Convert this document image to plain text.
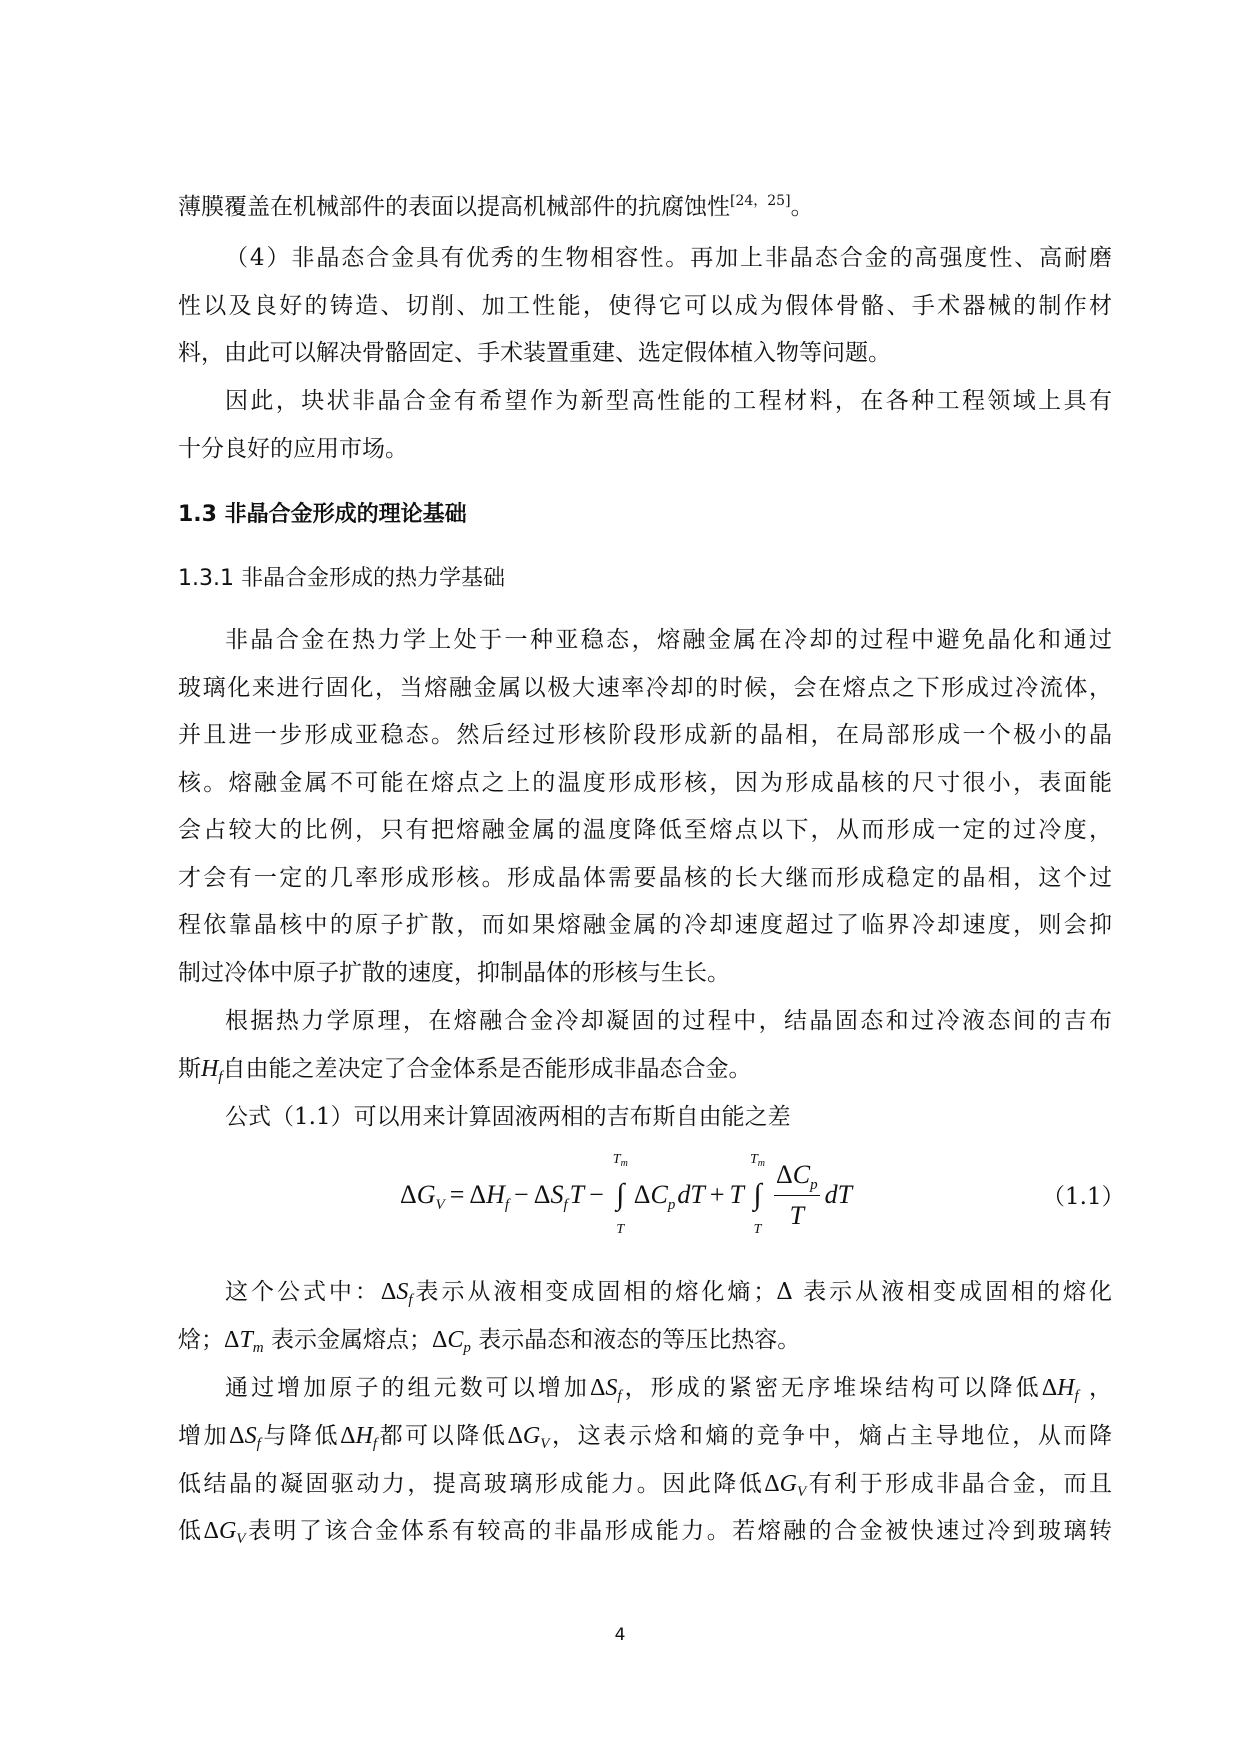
薄膜覆盖在机械部件的表面以提高机械部件的抗腐蚀性[24，25]。
（4）非晶态合金具有优秀的生物相容性。再加上非晶态合金的高强度性、高耐磨
性以及良好的铸造、切削、加工性能，使得它可以成为假体骨骼、手术器械的制作材
料，由此可以解决骨骼固定、手术装置重建、选定假体植入物等问题。
因此，块状非晶合金有希望作为新型高性能的工程材料，在各种工程领域上具有
十分良好的应用市场。
1.3 非晶合金形成的理论基础
1.3.1 非晶合金形成的热力学基础
非晶合金在热力学上处于一种亚稳态，熔融金属在冷却的过程中避免晶化和通过
玻璃化来进行固化，当熔融金属以极大速率冷却的时候，会在熔点之下形成过冷流体，
并且进一步形成亚稳态。然后经过形核阶段形成新的晶相，在局部形成一个极小的晶
核。熔融金属不可能在熔点之上的温度形成形核，因为形成晶核的尺寸很小，表面能
会占较大的比例，只有把熔融金属的温度降低至熔点以下，从而形成一定的过冷度，
才会有一定的几率形成形核。形成晶体需要晶核的长大继而形成稳定的晶相，这个过
程依靠晶核中的原子扩散，而如果熔融金属的冷却速度超过了临界冷却速度，则会抑
制过冷体中原子扩散的速度，抑制晶体的形核与生长。
根据热力学原理，在熔融合金冷却凝固的过程中，结晶固态和过冷液态间的吉布
斯$H_f$自由能之差决定了合金体系是否能形成非晶态合金。
公式（1.1）可以用来计算固液两相的吉布斯自由能之差
$\Delta G_V = \Delta H_f - \Delta S_f$ T −
$T_m$
∫
T
$\Delta C_p$ dT + T
$T_m$
∫
T $\frac{\Delta C_p}{T}$ dT	（1.1）
这个公式中：$\Delta S_f$表示从液相变成固相的熔化熵；Δ 表示从液相变成固相的熔化
焓；$\Delta T_m$ 表示金属熔点；$\Delta C_p$ 表示晶态和液态的等压比热容。
通过增加原子的组元数可以增加$\Delta S_f$，形成的紧密无序堆垛结构可以降低$\Delta H_f$ ，
增加$\Delta S_f$与降低$\Delta H_f$都可以降低$\Delta G_V$，这表示焓和熵的竞争中，熵占主导地位，从而降
低结晶的凝固驱动力，提高玻璃形成能力。因此降低$\Delta G_V$有利于形成非晶合金，而且
低$\Delta G_V$表明了该合金体系有较高的非晶形成能力。若熔融的合金被快速过冷到玻璃转
4
